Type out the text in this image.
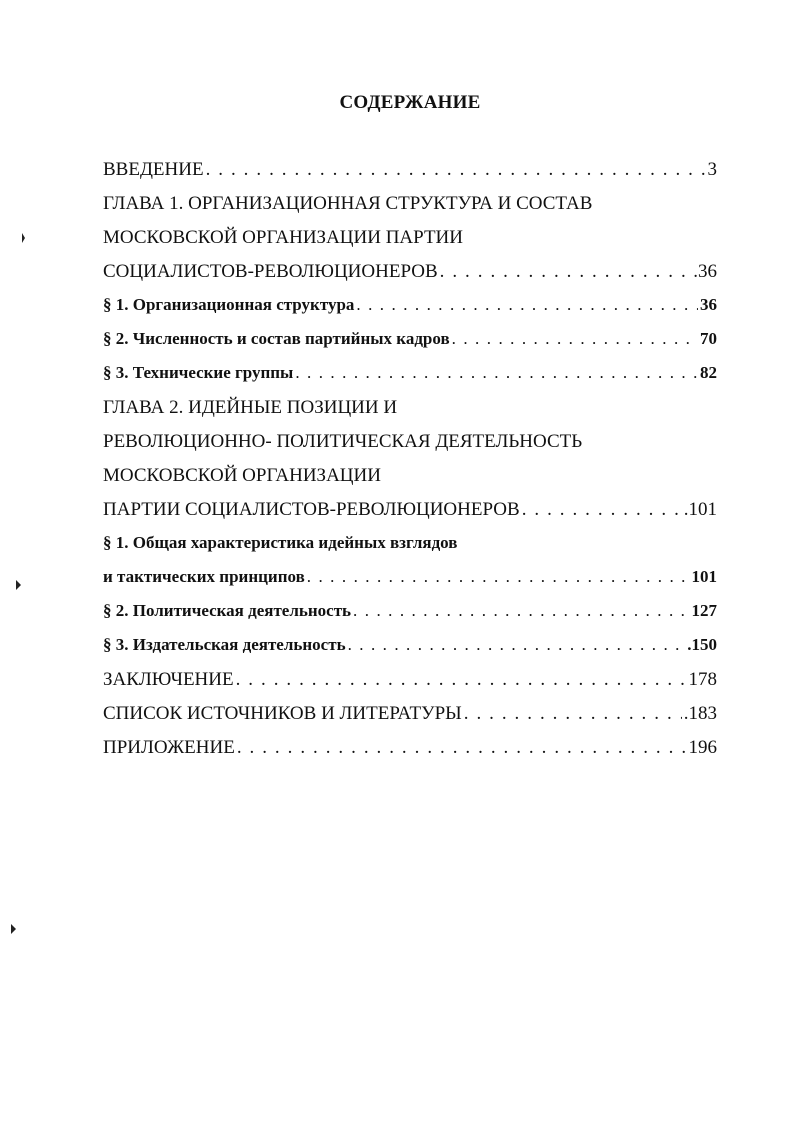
СОДЕРЖАНИЕ
ВВЕДЕНИЕ . . .	3
ГЛАВА 1. ОРГАНИЗАЦИОННАЯ СТРУКТУРА И СОСТАВ
МОСКОВСКОЙ ОРГАНИЗАЦИИ ПАРТИИ
СОЦИАЛИСТОВ-РЕВОЛЮЦИОНЕРОВ . . .	.36
§ 1. Организационная структура . . .	36
§ 2. Численность и состав партийных кадров . . .	70
§ 3. Технические группы . . .	82
ГЛАВА 2. ИДЕЙНЫЕ ПОЗИЦИИ И
РЕВОЛЮЦИОННО- ПОЛИТИЧЕСКАЯ ДЕЯТЕЛЬНОСТЬ
МОСКОВСКОЙ ОРГАНИЗАЦИИ
ПАРТИИ СОЦИАЛИСТОВ-РЕВОЛЮЦИОНЕРОВ . . .	.101
§ 1. Общая характеристика идейных взглядов
и тактических принципов . . .	101
§ 2. Политическая деятельность . . .	127
§ 3. Издательская деятельность . . .	.150
ЗАКЛЮЧЕНИЕ . . .	178
СПИСОК ИСТОЧНИКОВ И ЛИТЕРАТУРЫ . . .	.183
ПРИЛОЖЕНИЕ . . .	196
